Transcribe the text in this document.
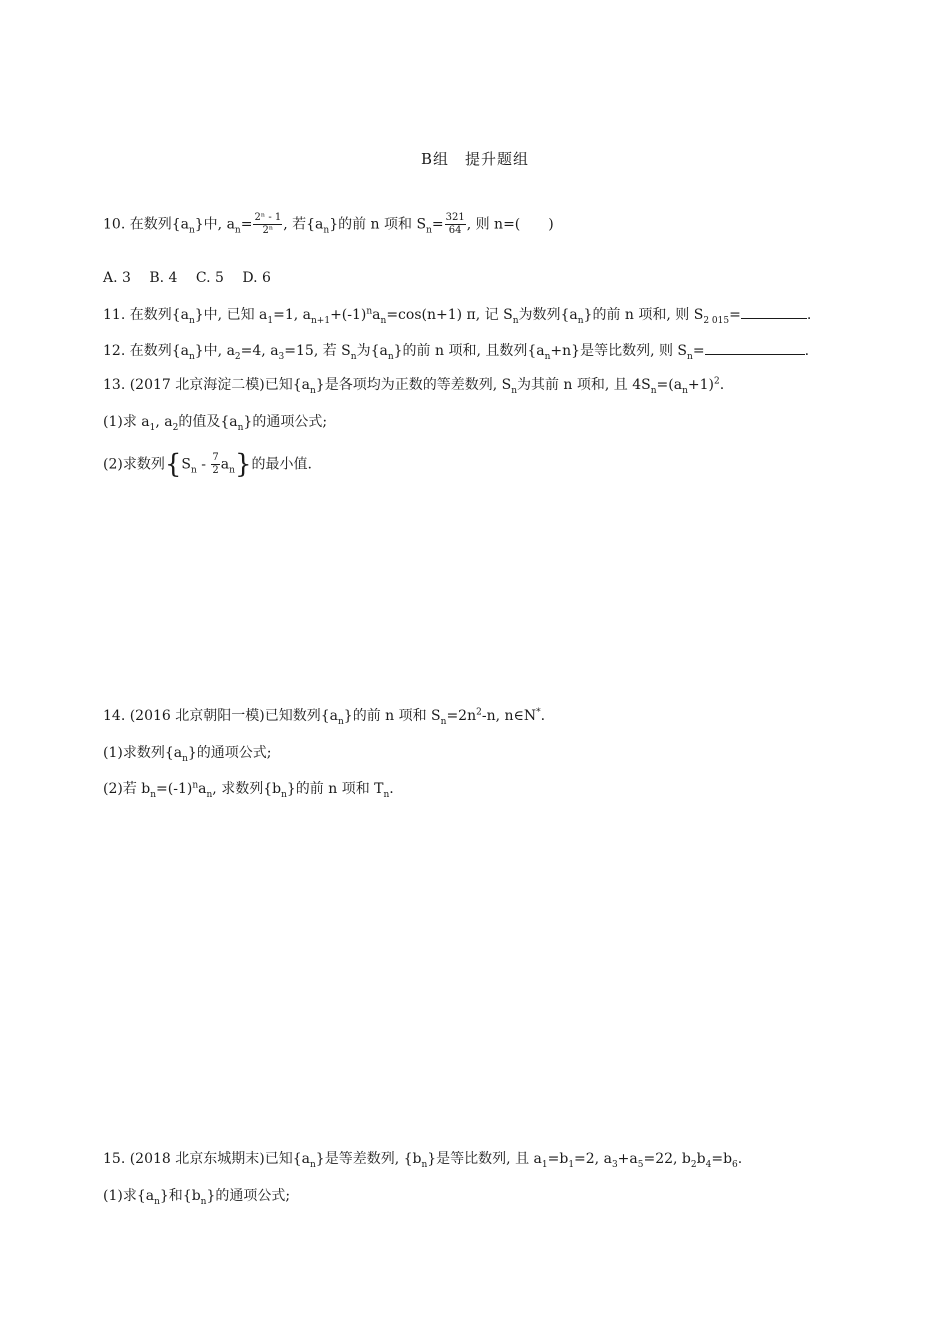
B组　提升题组
10. 在数列$\{a_n\}$中, $a_n= \frac{\text{2ⁿ - 1}}{\text{2ⁿ}}$ , 若$\{a_n\}$的前 n 项和 $S_n= \frac{321}{64}$ , 则 n=(　　)
A. 3　 B. 4　 C. 5　 D. 6
11. 在数列$\{a_n\}$中, 已知 $a_1=1$, $a_{n+1}+(-1)^na_n=\cos(n+1)$ π, 记 $S_n$为数列$\{a_n\}$的前 n 项和, 则 $S_{2 015}=$	.
12. 在数列$\{a_n\}$中, $a_2=4$, $a_3=15$, 若 $S_n$为$\{a_n\}$的前 n 项和, 且数列$\{a_n+n\}$是等比数列, 则 $S_n=$	.
13. (2017 北京海淀二模)已知$\{a_n\}$是各项均为正数的等差数列, $S_n$为其前 n 项和, 且 $4S_n=(a_n+1)^2$.
(1)求 $a_1$, $a_2$的值及$\{a_n\}$的通项公式;
(2)求数列$\{S_n - \frac{7}{2} a_n\}$的最小值.
14. (2016 北京朝阳一模)已知数列$\{a_n\}$的前 n 项和 $S_n=2n^2-n$, n∈N*.
(1)求数列$\{a_n\}$的通项公式;
(2)若 $b_n=(-1)^na_n$, 求数列$\{b_n\}$的前 n 项和 $T_n$.
15. (2018 北京东城期末)已知$\{a_n\}$是等差数列, $\{b_n\}$是等比数列, 且 $a_1=b_1=2$, $a_3+a_5=22$, $b_2b_4=b_6$.
(1)求$\{a_n\}$和$\{b_n\}$的通项公式;
